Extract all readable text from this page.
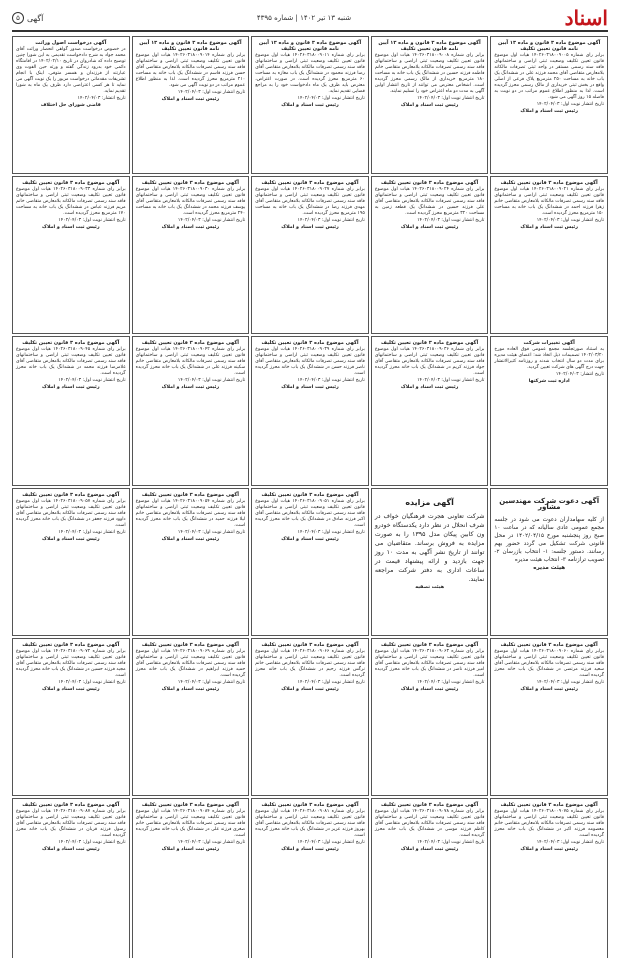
اسناد
شنبه ۱۳ تیر ۱۴۰۲ | شماره ۴۳۹۵
آگهی
۵
آگهی موضوع ماده ۳ قانون و ماده ۱۳ آیین نامه قانون تعیین تکلیف
برابر رای شماره ۱۴۰۲۶۰۳۱۸۰۰۹۰۰۵ هیات اول موضوع قانون تعیین تکلیف وضعیت ثبتی اراضی و ساختمانهای فاقد سند رسمی مستقر در واحد ثبتی تصرفات مالکانه بلامعارض متقاضی آقای محمد فرزند علی در ششدانگ یک باب خانه به مساحت ۲۵۰ مترمربع پلاک فرعی از اصلی واقع در بخش ثبتی خریداری از مالک رسمی محرز گردیده است. لذا به منظور اطلاع عموم مراتب در دو نوبت به فاصله ۱۵ روز آگهی می شود.
تاریخ انتشار نوبت اول: ۱۴۰۲/۰۴/۰۳
رئیس ثبت اسناد و املاک
آگهی موضوع ماده ۳ قانون و ماده ۱۳ آیین نامه قانون تعیین تکلیف
برابر رای شماره ۱۴۰۲۶۰۳۱۸۰۰۹۰۰۸ هیات اول موضوع قانون تعیین تکلیف وضعیت ثبتی اراضی و ساختمانهای فاقد سند رسمی تصرفات مالکانه بلامعارض متقاضی خانم فاطمه فرزند حسین در ششدانگ یک باب خانه به مساحت ۱۸۰ مترمربع خریداری از مالک رسمی محرز گردیده است. اشخاص معترض می توانند از تاریخ انتشار اولین آگهی به مدت دو ماه اعتراض خود را تسلیم نمایند.
تاریخ انتشار نوبت اول: ۱۴۰۲/۰۴/۰۳
رئیس ثبت اسناد و املاک
آگهی موضوع ماده ۳ قانون و ماده ۱۳ آیین نامه قانون تعیین تکلیف
برابر رای شماره ۱۴۰۲۶۰۳۱۸۰۰۹۰۱۱ هیات اول موضوع قانون تعیین تکلیف وضعیت ثبتی اراضی و ساختمانهای فاقد سند رسمی تصرفات مالکانه بلامعارض متقاضی آقای رضا فرزند محمود در ششدانگ یک باب مغازه به مساحت ۶۰ مترمربع محرز گردیده است. در صورت اعتراض، معترض باید ظرف یک ماه دادخواست خود را به مراجع قضایی تقدیم نماید.
تاریخ انتشار نوبت اول: ۱۴۰۲/۰۴/۰۳
رئیس ثبت اسناد و املاک
آگهی موضوع ماده ۳ قانون و ماده ۱۳ آیین نامه قانون تعیین تکلیف
برابر رای شماره ۱۴۰۲۶۰۳۱۸۰۰۹۰۱۴ هیات اول موضوع قانون تعیین تکلیف وضعیت ثبتی اراضی و ساختمانهای فاقد سند رسمی تصرفات مالکانه بلامعارض متقاضی آقای حسن فرزند قاسم در ششدانگ یک باب خانه به مساحت ۲۱۰ مترمربع محرز گردیده است. لذا به منظور اطلاع عموم مراتب در دو نوبت آگهی می شود.
تاریخ انتشار نوبت اول: ۱۴۰۲/۰۴/۰۳
رئیس ثبت اسناد و املاک
آگهی درخواست اصول وراثت
در خصوص درخواست صدور گواهی انحصار وراثت آقای محمد جواد به شرح دادخواست تقدیمی به این شورا چنین توضیح داده که شادروان در تاریخ ۱۴۰۲/۰۲/۱۰ در اقامتگاه دائمی خود بدرود زندگی گفته و ورثه حین الفوت وی عبارتند از فرزندان و همسر متوفی. اینک با انجام تشریفات مقدماتی درخواست مزبور را یک نوبت آگهی می نماید تا هر کسی اعتراضی دارد ظرف یک ماه به شورا تقدیم نماید.
تاریخ انتشار: ۱۴۰۲/۰۴/۰۳
قاضی شورای حل اختلاف
آگهی موضوع ماده ۳ قانون تعیین تکلیف
برابر رای شماره ۱۴۰۲۶۰۳۱۸۰۰۹۰۲۱ هیات اول موضوع قانون تعیین تکلیف وضعیت ثبتی اراضی و ساختمانهای فاقد سند رسمی تصرفات مالکانه بلامعارض متقاضی خانم زهرا فرزند احمد در ششدانگ یک باب خانه به مساحت ۱۵۰ مترمربع محرز گردیده است.
تاریخ انتشار نوبت اول: ۱۴۰۲/۰۴/۰۳
رئیس ثبت اسناد و املاک
آگهی موضوع ماده ۳ قانون تعیین تکلیف
برابر رای شماره ۱۴۰۲۶۰۳۱۸۰۰۹۰۲۴ هیات اول موضوع قانون تعیین تکلیف وضعیت ثبتی اراضی و ساختمانهای فاقد سند رسمی تصرفات مالکانه بلامعارض متقاضی آقای علی فرزند حسین در ششدانگ یک قطعه زمین به مساحت ۳۲۰ مترمربع محرز گردیده است.
تاریخ انتشار نوبت اول: ۱۴۰۲/۰۴/۰۳
رئیس ثبت اسناد و املاک
آگهی موضوع ماده ۳ قانون تعیین تکلیف
برابر رای شماره ۱۴۰۲۶۰۳۱۸۰۰۹۰۲۷ هیات اول موضوع قانون تعیین تکلیف وضعیت ثبتی اراضی و ساختمانهای فاقد سند رسمی تصرفات مالکانه بلامعارض متقاضی آقای مهدی فرزند رضا در ششدانگ یک باب خانه به مساحت ۱۹۵ مترمربع محرز گردیده است.
تاریخ انتشار نوبت اول: ۱۴۰۲/۰۴/۰۳
رئیس ثبت اسناد و املاک
آگهی موضوع ماده ۳ قانون تعیین تکلیف
برابر رای شماره ۱۴۰۲۶۰۳۱۸۰۰۹۰۳۰ هیات اول موضوع قانون تعیین تکلیف وضعیت ثبتی اراضی و ساختمانهای فاقد سند رسمی تصرفات مالکانه بلامعارض متقاضی آقای یوسف فرزند محمد در ششدانگ یک باب خانه به مساحت ۲۴۰ مترمربع محرز گردیده است.
تاریخ انتشار نوبت اول: ۱۴۰۲/۰۴/۰۳
رئیس ثبت اسناد و املاک
آگهی موضوع ماده ۳ قانون تعیین تکلیف
برابر رای شماره ۱۴۰۲۶۰۳۱۸۰۰۹۰۳۳ هیات اول موضوع قانون تعیین تکلیف وضعیت ثبتی اراضی و ساختمانهای فاقد سند رسمی تصرفات مالکانه بلامعارض متقاضی خانم مریم فرزند عباس در ششدانگ یک باب خانه به مساحت ۱۷۰ مترمربع محرز گردیده است.
تاریخ انتشار نوبت اول: ۱۴۰۲/۰۴/۰۳
رئیس ثبت اسناد و املاک
آگهی تغییرات شرکت
به استناد صورتجلسه مجمع عمومی فوق العاده مورخ ۱۴۰۲/۰۳/۲۰ تصمیمات ذیل اتخاذ شد: اعضای هیئت مدیره برای مدت دو سال انتخاب شدند و روزنامه کثیرالانتشار جهت درج آگهی های شرکت تعیین گردید.
تاریخ انتشار: ۱۴۰۲/۰۴/۰۳
اداره ثبت شرکتها
آگهی موضوع ماده ۳ قانون تعیین تکلیف
برابر رای شماره ۱۴۰۲۶۰۳۱۸۰۰۹۰۳۶ هیات اول موضوع قانون تعیین تکلیف وضعیت ثبتی اراضی و ساختمانهای فاقد سند رسمی تصرفات مالکانه بلامعارض متقاضی آقای جواد فرزند کریم در ششدانگ یک باب خانه محرز گردیده است.
تاریخ انتشار نوبت اول: ۱۴۰۲/۰۴/۰۳
رئیس ثبت اسناد و املاک
آگهی موضوع ماده ۳ قانون تعیین تکلیف
برابر رای شماره ۱۴۰۲۶۰۳۱۸۰۰۹۰۳۹ هیات اول موضوع قانون تعیین تکلیف وضعیت ثبتی اراضی و ساختمانهای فاقد سند رسمی تصرفات مالکانه بلامعارض متقاضی آقای ناصر فرزند حسن در ششدانگ یک باب خانه محرز گردیده است.
تاریخ انتشار نوبت اول: ۱۴۰۲/۰۴/۰۳
رئیس ثبت اسناد و املاک
آگهی موضوع ماده ۳ قانون تعیین تکلیف
برابر رای شماره ۱۴۰۲۶۰۳۱۸۰۰۹۰۴۲ هیات اول موضوع قانون تعیین تکلیف وضعیت ثبتی اراضی و ساختمانهای فاقد سند رسمی تصرفات مالکانه بلامعارض متقاضی خانم سکینه فرزند علی در ششدانگ یک باب خانه محرز گردیده است.
تاریخ انتشار نوبت اول: ۱۴۰۲/۰۴/۰۳
رئیس ثبت اسناد و املاک
آگهی موضوع ماده ۳ قانون تعیین تکلیف
برابر رای شماره ۱۴۰۲۶۰۳۱۸۰۰۹۰۴۵ هیات اول موضوع قانون تعیین تکلیف وضعیت ثبتی اراضی و ساختمانهای فاقد سند رسمی تصرفات مالکانه بلامعارض متقاضی آقای غلامرضا فرزند محمد در ششدانگ یک باب خانه محرز گردیده است.
تاریخ انتشار نوبت اول: ۱۴۰۲/۰۴/۰۳
رئیس ثبت اسناد و املاک
آگهی دعوت شرکت مهندسین مشاور
از کلیه سهامداران دعوت می شود در جلسه مجمع عمومی عادی سالیانه که در ساعت ۱۰ صبح روز پنجشنبه مورخ ۱۴۰۲/۰۴/۱۵ در محل قانونی شرکت تشکیل می گردد حضور بهم رسانند. دستور جلسه: ۱- انتخاب بازرسان ۲- تصویب ترازنامه ۳- انتخاب هیئت مدیره
هیئت مدیره
آگهی مزایده
شرکت تعاونی هجرت فرهنگیان خواف در شرف انحلال در نظر دارد یکدستگاه خودرو ون کابین پیکان مدل ۱۳۹۵ را به صورت مزایده به فروش برساند. متقاضیان می توانند از تاریخ نشر آگهی به مدت ۱۰ روز جهت بازدید و ارائه پیشنهاد قیمت در ساعات اداری به دفتر شرکت مراجعه نمایند.
هیئت تصفیه
آگهی موضوع ماده ۳ قانون تعیین تکلیف
برابر رای شماره ۱۴۰۲۶۰۳۱۸۰۰۹۰۵۱ هیات اول موضوع قانون تعیین تکلیف وضعیت ثبتی اراضی و ساختمانهای فاقد سند رسمی تصرفات مالکانه بلامعارض متقاضی آقای اکبر فرزند صادق در ششدانگ یک باب خانه محرز گردیده است.
تاریخ انتشار نوبت اول: ۱۴۰۲/۰۴/۰۳
رئیس ثبت اسناد و املاک
آگهی موضوع ماده ۳ قانون تعیین تکلیف
برابر رای شماره ۱۴۰۲۶۰۳۱۸۰۰۹۰۵۴ هیات اول موضوع قانون تعیین تکلیف وضعیت ثبتی اراضی و ساختمانهای فاقد سند رسمی تصرفات مالکانه بلامعارض متقاضی خانم لیلا فرزند حمید در ششدانگ یک باب خانه محرز گردیده است.
تاریخ انتشار نوبت اول: ۱۴۰۲/۰۴/۰۳
رئیس ثبت اسناد و املاک
آگهی موضوع ماده ۳ قانون تعیین تکلیف
برابر رای شماره ۱۴۰۲۶۰۳۱۸۰۰۹۰۵۷ هیات اول موضوع قانون تعیین تکلیف وضعیت ثبتی اراضی و ساختمانهای فاقد سند رسمی تصرفات مالکانه بلامعارض متقاضی آقای داوود فرزند جعفر در ششدانگ یک باب خانه محرز گردیده است.
تاریخ انتشار نوبت اول: ۱۴۰۲/۰۴/۰۳
رئیس ثبت اسناد و املاک
آگهی موضوع ماده ۳ قانون تعیین تکلیف
برابر رای شماره ۱۴۰۲۶۰۳۱۸۰۰۹۰۶۰ هیات اول موضوع قانون تعیین تکلیف وضعیت ثبتی اراضی و ساختمانهای فاقد سند رسمی تصرفات مالکانه بلامعارض متقاضی آقای سعید فرزند مرتضی در ششدانگ یک باب خانه محرز گردیده است.
تاریخ انتشار نوبت اول: ۱۴۰۲/۰۴/۰۳
رئیس ثبت اسناد و املاک
آگهی موضوع ماده ۳ قانون تعیین تکلیف
برابر رای شماره ۱۴۰۲۶۰۳۱۸۰۰۹۰۶۳ هیات اول موضوع قانون تعیین تکلیف وضعیت ثبتی اراضی و ساختمانهای فاقد سند رسمی تصرفات مالکانه بلامعارض متقاضی آقای امیر فرزند ناصر در ششدانگ یک باب خانه محرز گردیده است.
تاریخ انتشار نوبت اول: ۱۴۰۲/۰۴/۰۳
رئیس ثبت اسناد و املاک
آگهی موضوع ماده ۳ قانون تعیین تکلیف
برابر رای شماره ۱۴۰۲۶۰۳۱۸۰۰۹۰۶۶ هیات اول موضوع قانون تعیین تکلیف وضعیت ثبتی اراضی و ساختمانهای فاقد سند رسمی تصرفات مالکانه بلامعارض متقاضی خانم نرگس فرزند رحیم در ششدانگ یک باب خانه محرز گردیده است.
تاریخ انتشار نوبت اول: ۱۴۰۲/۰۴/۰۳
رئیس ثبت اسناد و املاک
آگهی موضوع ماده ۳ قانون تعیین تکلیف
برابر رای شماره ۱۴۰۲۶۰۳۱۸۰۰۹۰۶۹ هیات اول موضوع قانون تعیین تکلیف وضعیت ثبتی اراضی و ساختمانهای فاقد سند رسمی تصرفات مالکانه بلامعارض متقاضی آقای حمید فرزند ابراهیم در ششدانگ یک باب خانه محرز گردیده است.
تاریخ انتشار نوبت اول: ۱۴۰۲/۰۴/۰۳
رئیس ثبت اسناد و املاک
آگهی موضوع ماده ۳ قانون تعیین تکلیف
برابر رای شماره ۱۴۰۲۶۰۳۱۸۰۰۹۰۷۲ هیات اول موضوع قانون تعیین تکلیف وضعیت ثبتی اراضی و ساختمانهای فاقد سند رسمی تصرفات مالکانه بلامعارض متقاضی آقای مجید فرزند حسین در ششدانگ یک باب خانه محرز گردیده است.
تاریخ انتشار نوبت اول: ۱۴۰۲/۰۴/۰۳
رئیس ثبت اسناد و املاک
آگهی موضوع ماده ۳ قانون تعیین تکلیف
برابر رای شماره ۱۴۰۲۶۰۳۱۸۰۰۹۰۷۵ هیات اول موضوع قانون تعیین تکلیف وضعیت ثبتی اراضی و ساختمانهای فاقد سند رسمی تصرفات مالکانه بلامعارض متقاضی خانم معصومه فرزند اکبر در ششدانگ یک باب خانه محرز گردیده است.
تاریخ انتشار نوبت اول: ۱۴۰۲/۰۴/۰۳
رئیس ثبت اسناد و املاک
آگهی موضوع ماده ۳ قانون تعیین تکلیف
برابر رای شماره ۱۴۰۲۶۰۳۱۸۰۰۹۰۷۸ هیات اول موضوع قانون تعیین تکلیف وضعیت ثبتی اراضی و ساختمانهای فاقد سند رسمی تصرفات مالکانه بلامعارض متقاضی آقای کاظم فرزند موسی در ششدانگ یک باب خانه محرز گردیده است.
تاریخ انتشار نوبت اول: ۱۴۰۲/۰۴/۰۳
رئیس ثبت اسناد و املاک
آگهی موضوع ماده ۳ قانون تعیین تکلیف
برابر رای شماره ۱۴۰۲۶۰۳۱۸۰۰۹۰۸۱ هیات اول موضوع قانون تعیین تکلیف وضعیت ثبتی اراضی و ساختمانهای فاقد سند رسمی تصرفات مالکانه بلامعارض متقاضی آقای بهروز فرزند عزیز در ششدانگ یک باب خانه محرز گردیده است.
تاریخ انتشار نوبت اول: ۱۴۰۲/۰۴/۰۳
رئیس ثبت اسناد و املاک
آگهی موضوع ماده ۳ قانون تعیین تکلیف
برابر رای شماره ۱۴۰۲۶۰۳۱۸۰۰۹۰۸۴ هیات اول موضوع قانون تعیین تکلیف وضعیت ثبتی اراضی و ساختمانهای فاقد سند رسمی تصرفات مالکانه بلامعارض متقاضی خانم صغری فرزند علی در ششدانگ یک باب خانه محرز گردیده است.
تاریخ انتشار نوبت اول: ۱۴۰۲/۰۴/۰۳
رئیس ثبت اسناد و املاک
آگهی موضوع ماده ۳ قانون تعیین تکلیف
برابر رای شماره ۱۴۰۲۶۰۳۱۸۰۰۹۰۸۷ هیات اول موضوع قانون تعیین تکلیف وضعیت ثبتی اراضی و ساختمانهای فاقد سند رسمی تصرفات مالکانه بلامعارض متقاضی آقای رسول فرزند قربان در ششدانگ یک باب خانه محرز گردیده است.
تاریخ انتشار نوبت اول: ۱۴۰۲/۰۴/۰۳
رئیس ثبت اسناد و املاک
